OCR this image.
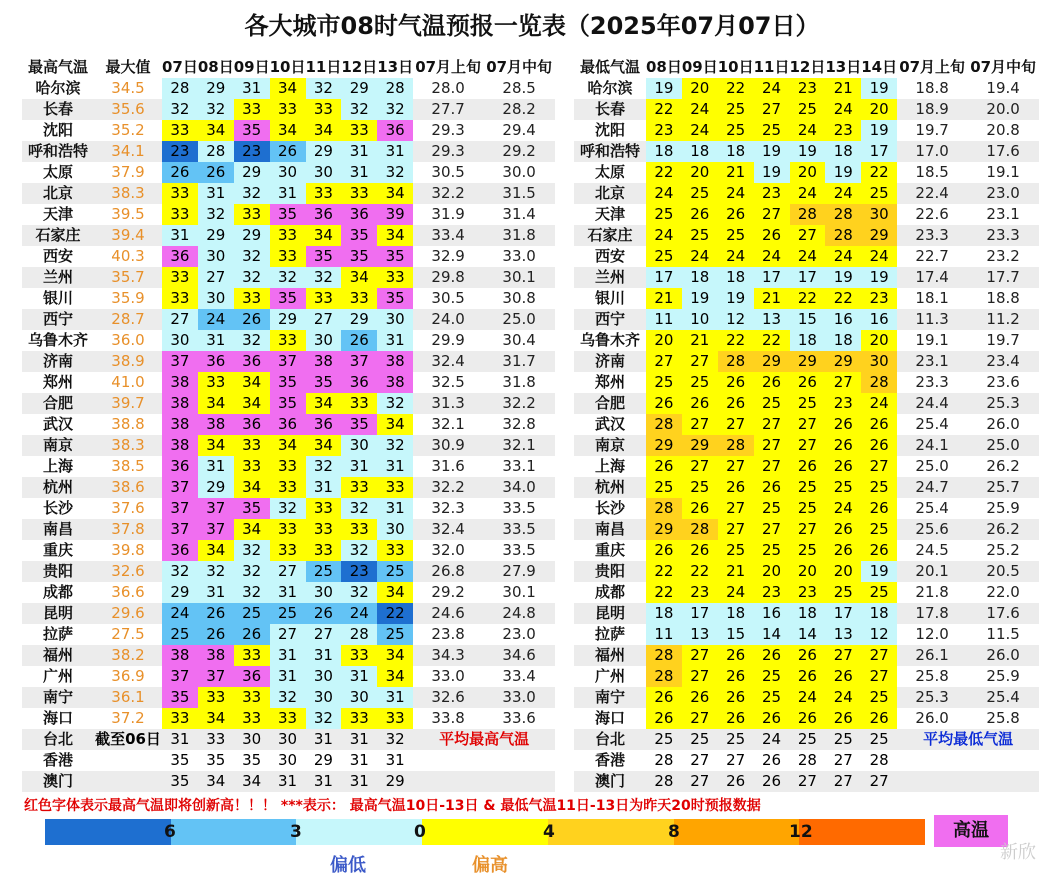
各大城市08时气温预报一览表（2025年07月07日）
最高气温	最大值	07日	08日	09日	10日	11日	12日	13日	07月上旬	07月中旬
哈尔滨	34.5	28	29	31	34	32	29	28	28.0	28.5
长春	35.6	32	32	33	33	33	32	32	27.7	28.2
沈阳	35.2	33	34	35	34	34	33	36	29.3	29.4
呼和浩特	34.1	23	28	23	26	29	31	31	29.3	29.2
太原	37.9	26	26	29	30	30	31	32	30.5	30.0
北京	38.3	33	31	32	31	33	33	34	32.2	31.5
天津	39.5	33	32	33	35	36	36	39	31.9	31.4
石家庄	39.4	31	29	29	33	34	35	34	33.4	31.8
西安	40.3	36	30	32	33	35	35	35	32.9	33.0
兰州	35.7	33	27	32	32	32	34	33	29.8	30.1
银川	35.9	33	30	33	35	33	33	35	30.5	30.8
西宁	28.7	27	24	26	29	27	29	30	24.0	25.0
乌鲁木齐	36.0	30	31	32	33	30	26	31	29.9	30.4
济南	38.9	37	36	36	37	38	37	38	32.4	31.7
郑州	41.0	38	33	34	35	35	36	38	32.5	31.8
合肥	39.7	38	34	34	35	34	33	32	31.3	32.2
武汉	38.8	38	38	36	36	36	35	34	32.1	32.8
南京	38.3	38	34	33	34	34	30	32	30.9	32.1
上海	38.5	36	31	33	33	32	31	31	31.6	33.1
杭州	38.6	37	29	34	33	31	33	33	32.2	34.0
长沙	37.6	37	37	35	32	33	32	31	32.3	33.5
南昌	37.8	37	37	34	33	33	33	30	32.4	33.5
重庆	39.8	36	34	32	33	33	32	33	32.0	33.5
贵阳	32.6	32	32	32	27	25	23	25	26.8	27.9
成都	36.6	29	31	32	31	30	32	34	29.2	30.1
昆明	29.6	24	26	25	25	26	24	22	24.6	24.8
拉萨	27.5	25	26	26	27	27	28	25	23.8	23.0
福州	38.2	38	38	33	31	31	33	34	34.3	34.6
广州	36.9	37	37	36	31	30	31	34	33.0	33.4
南宁	36.1	35	33	33	32	30	30	31	32.6	33.0
海口	37.2	33	34	33	33	32	33	33	33.8	33.6
台北	截至06日	31	33	30	30	31	31	32	平均最高气温	
香港		35	35	35	30	29	31	31		
澳门		35	34	34	31	31	31	29		
最低气温	08日	09日	10日	11日	12日	13日	14日	07月上旬	07月中旬
哈尔滨	19	20	22	24	23	21	19	18.8	19.4
长春	22	24	25	27	25	24	20	18.9	20.0
沈阳	23	24	25	25	24	23	19	19.7	20.8
呼和浩特	18	18	18	19	19	18	17	17.0	17.6
太原	22	20	21	19	20	19	22	18.5	19.1
北京	24	25	24	23	24	24	25	22.4	23.0
天津	25	26	26	27	28	28	30	22.6	23.1
石家庄	24	25	25	26	27	28	29	23.3	23.3
西安	25	24	24	24	24	24	24	22.7	23.2
兰州	17	18	18	17	17	19	19	17.4	17.7
银川	21	19	19	21	22	22	23	18.1	18.8
西宁	11	10	12	13	15	16	16	11.3	11.2
乌鲁木齐	20	21	22	22	18	18	20	19.1	19.7
济南	27	27	28	29	29	29	30	23.1	23.4
郑州	25	25	26	26	26	27	28	23.3	23.6
合肥	26	26	26	25	25	23	24	24.4	25.3
武汉	28	27	27	27	27	26	26	25.4	26.0
南京	29	29	28	27	27	26	26	24.1	25.0
上海	26	27	27	27	26	26	27	25.0	26.2
杭州	25	25	26	26	25	25	25	24.7	25.7
长沙	28	26	27	25	25	24	26	25.4	25.9
南昌	29	28	27	27	27	26	25	25.6	26.2
重庆	26	26	25	25	25	26	26	24.5	25.2
贵阳	22	22	21	20	20	20	19	20.1	20.5
成都	22	23	24	23	23	25	25	21.8	22.0
昆明	18	17	18	16	18	17	18	17.8	17.6
拉萨	11	13	15	14	14	13	12	12.0	11.5
福州	28	27	26	26	26	27	27	26.1	26.0
广州	28	27	26	25	26	26	27	25.8	25.9
南宁	26	26	26	25	24	24	25	25.3	25.4
海口	26	27	26	26	26	26	26	26.0	25.8
台北	25	25	25	24	25	25	25	平均最低气温	
香港	28	27	27	26	28	27	28		
澳门	28	27	26	26	27	27	27		
红色字体表示最高气温即将创新高！！！ ***表示： 最高气温10日-13日 & 最低气温11日-13日为昨天20时预报数据
6	3	0	4	8	12	高温
偏低	偏高
新欣
